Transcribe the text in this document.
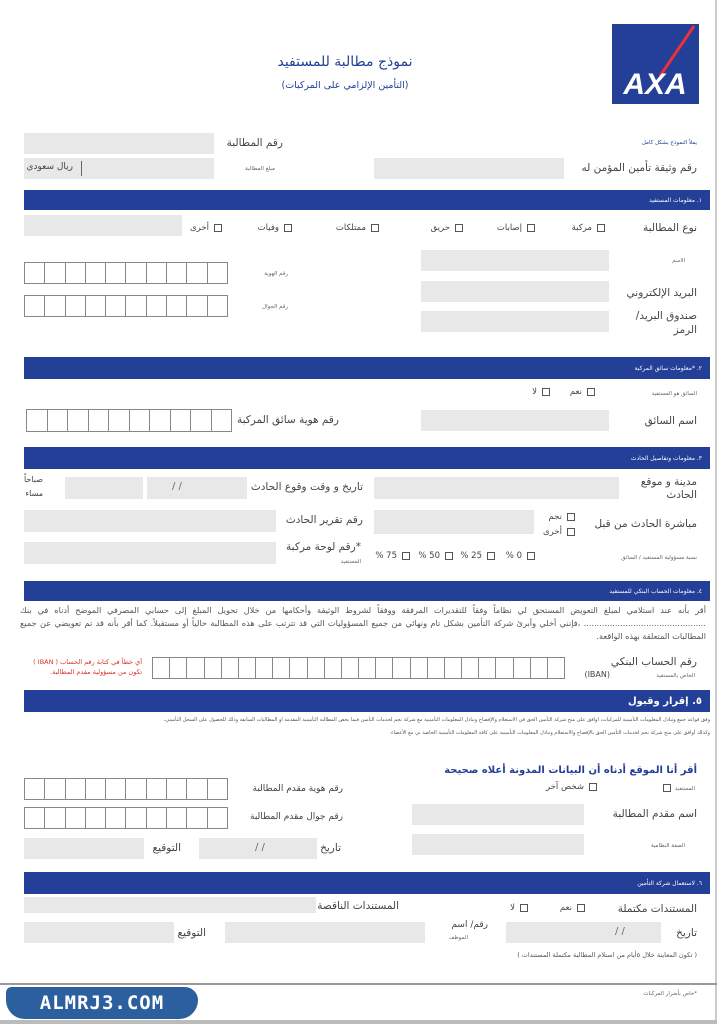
AXA
نموذج مطالبة للمستفيد
(التأمين الإلزامي على المركبات)
يملأ النموذج بشكل كامل
رقم المطالبة
ريال سعودي	مبلغ المطالبة	رقم وثيقة تأمين المؤمن له
١. معلومات المستفيد
نوع المطالبة
مركبة
إصابات
حريق
ممتلكات
وفيات
أخرى
الاسم
البريد الإلكتروني
صندوق البريد/ الرمز
رقم الهوية
رقم الجوال
٢. *معلومات سائق المركبة
السائق هو المستفيد
نعم
لا
اسم السائق
رقم هوية سائق المركبة
٣. معلومات وتفاصيل الحادث
مدينة و موقع الحادث
تاريخ و وقت وقوع الحادث
/ /
صباحاً
مساء
مباشرة الحادث من قبل
نجم
أخرى
رقم تقرير الحادث
نسبة مسؤولية المستفيد / السائق
0 %
25 %
50 %
75 %
*رقم لوحة مركبة
المستفيد
٤. معلومات الحساب البنكي للمستفيد
أقر بأنه عند استلامي لمبلغ التعويض المستحق لي نظاماً وفقاً للتقديرات المرفقة ووفقاً لشروط الوثيقة وأحكامها من خلال تحويل المبلغ إلى حسابي المصرفي الموضح أدناه في بنك ............................................... ،فإنني أخلي وأبرئ شركة التأمين بشكل تام ونهائي من جميع المسؤوليات التي قد تترتب على هذه المطالبة حالياً أو مستقبلاً. كما أقر بأنه قد تم تعويضي عن جميع المطالبات المتعلقة بهذه الواقعة.
رقم الحساب البنكي
الخاص بالمستفيد
(IBAN)
أي خطأ في كتابة رقم الحساب ( IBAN )
تكون من مسؤولية مقدم المطالبة.
٥. إقرار وقبول
وفق قواعد جمع وتبادل المعلومات التأمينية للمركبات، اوافق على منح شركة التأمين الحق في الاستعلام والإفصاح وتبادل المعلومات التأمينية مع شركة نجم لخدمات التأمين فيما يخص المطالبة التأمينية المقدمة او المطالبات السابقة وذلك للحصول على السجل التأميني،
وكذلك أوافق على منح شركة نجم لخدمات التأمين الحق بالإفصاح والاستعلام وتبادل المعلومات التأمينية على كافة المعلومات التأمينية الخاصة بي مع الأعضاء.
أقر أنا الموقع أدناه أن البيانات المدونة أعلاه صحيحة
المستفيد
شخص آخر
اسم مقدم المطالبة
الصفة النظامية
رقم هوية مقدم المطالبة
رقم جوال مقدم المطالبة
/ /	تاريخ
التوقيع
٦. لاستعمال شركة التأمين
المستندات مكتملة
نعم
لا
المستندات الناقصة
تاريخ
/ /
رقم/ اسم
الموظف
التوقيع
( تكون المعاينة خلال ٥أيام من استلام المطالبة مكتملة المستندات )
*خاص بأضرار المركبات
ALMRJ3.COM
